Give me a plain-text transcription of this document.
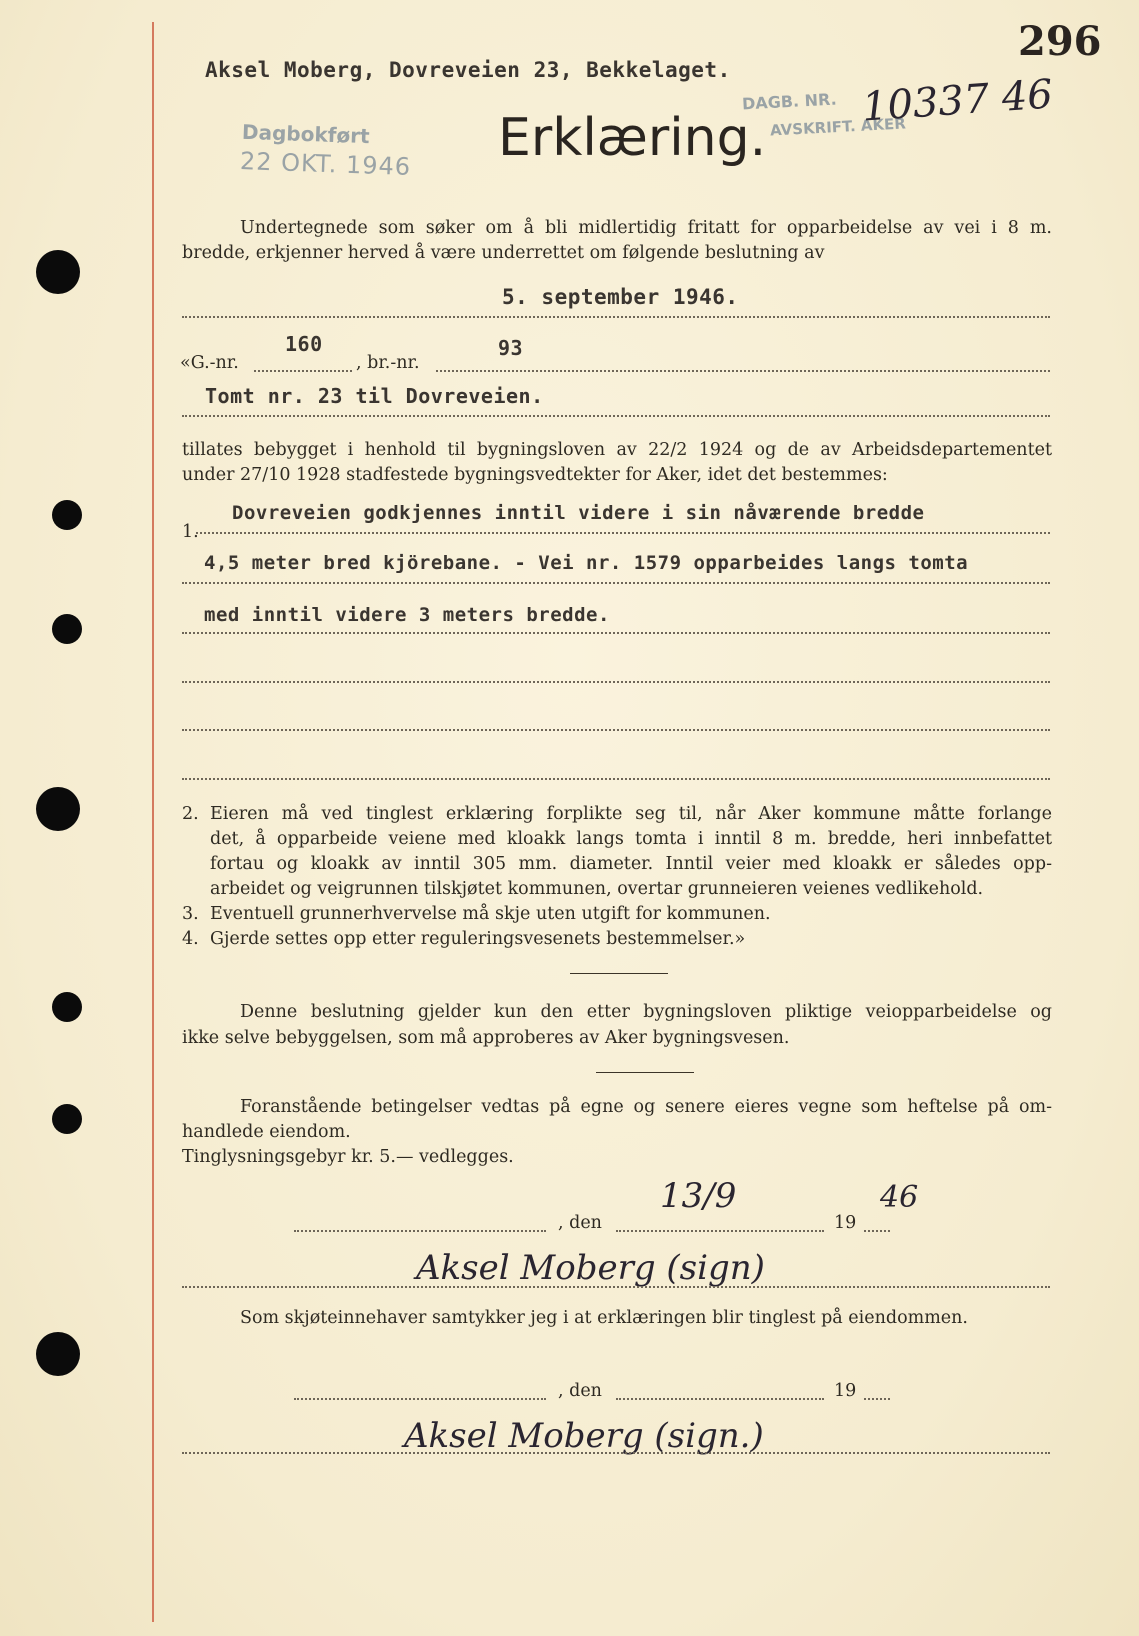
296
Aksel Moberg, Dovreveien 23, Bekkelaget.
Dagbokført
22 OKT. 1946 Erklæring.
DAGB. NR.
AVSKRIFT. AKER
10337 46
Undertegnede som søker om å bli midlertidig fritatt for opparbeidelse av vei i 8 m.
bredde, erkjenner herved å være underrettet om følgende beslutning av
5. september 1946.
«G.-nr.
160
, br.-nr.
93
Tomt nr. 23 til Dovreveien.
tillates bebygget i henhold til bygningsloven av 22/2 1924 og de av Arbeidsdepartementet
under 27/10 1928 stadfestede bygningsvedtekter for Aker, idet det bestemmes:
1.
Dovreveien godkjennes inntil videre i sin nåværende bredde
4,5 meter bred kjörebane. - Vei nr. 1579 opparbeides langs tomta
med inntil videre 3 meters bredde.
2. Eieren må ved tinglest erklæring forplikte seg til, når Aker kommune måtte forlange
det, å opparbeide veiene med kloakk langs tomta i inntil 8 m. bredde, heri innbefattet
fortau og kloakk av inntil 305 mm. diameter. Inntil veier med kloakk er således opp-
arbeidet og veigrunnen tilskjøtet kommunen, overtar grunneieren veienes vedlikehold.
3. Eventuell grunnerhvervelse må skje uten utgift for kommunen.
4. Gjerde settes opp etter reguleringsvesenets bestemmelser.»
Denne beslutning gjelder kun den etter bygningsloven pliktige veiopparbeidelse og
ikke selve bebyggelsen, som må approberes av Aker bygningsvesen.
Foranstående betingelser vedtas på egne og senere eieres vegne som heftelse på om-
handlede eiendom.
Tinglysningsgebyr kr. 5.— vedlegges.
, den
13/9
19
46
Aksel Moberg (sign)
Som skjøteinnehaver samtykker jeg i at erklæringen blir tinglest på eiendommen.
, den	19
Aksel Moberg (sign.)
